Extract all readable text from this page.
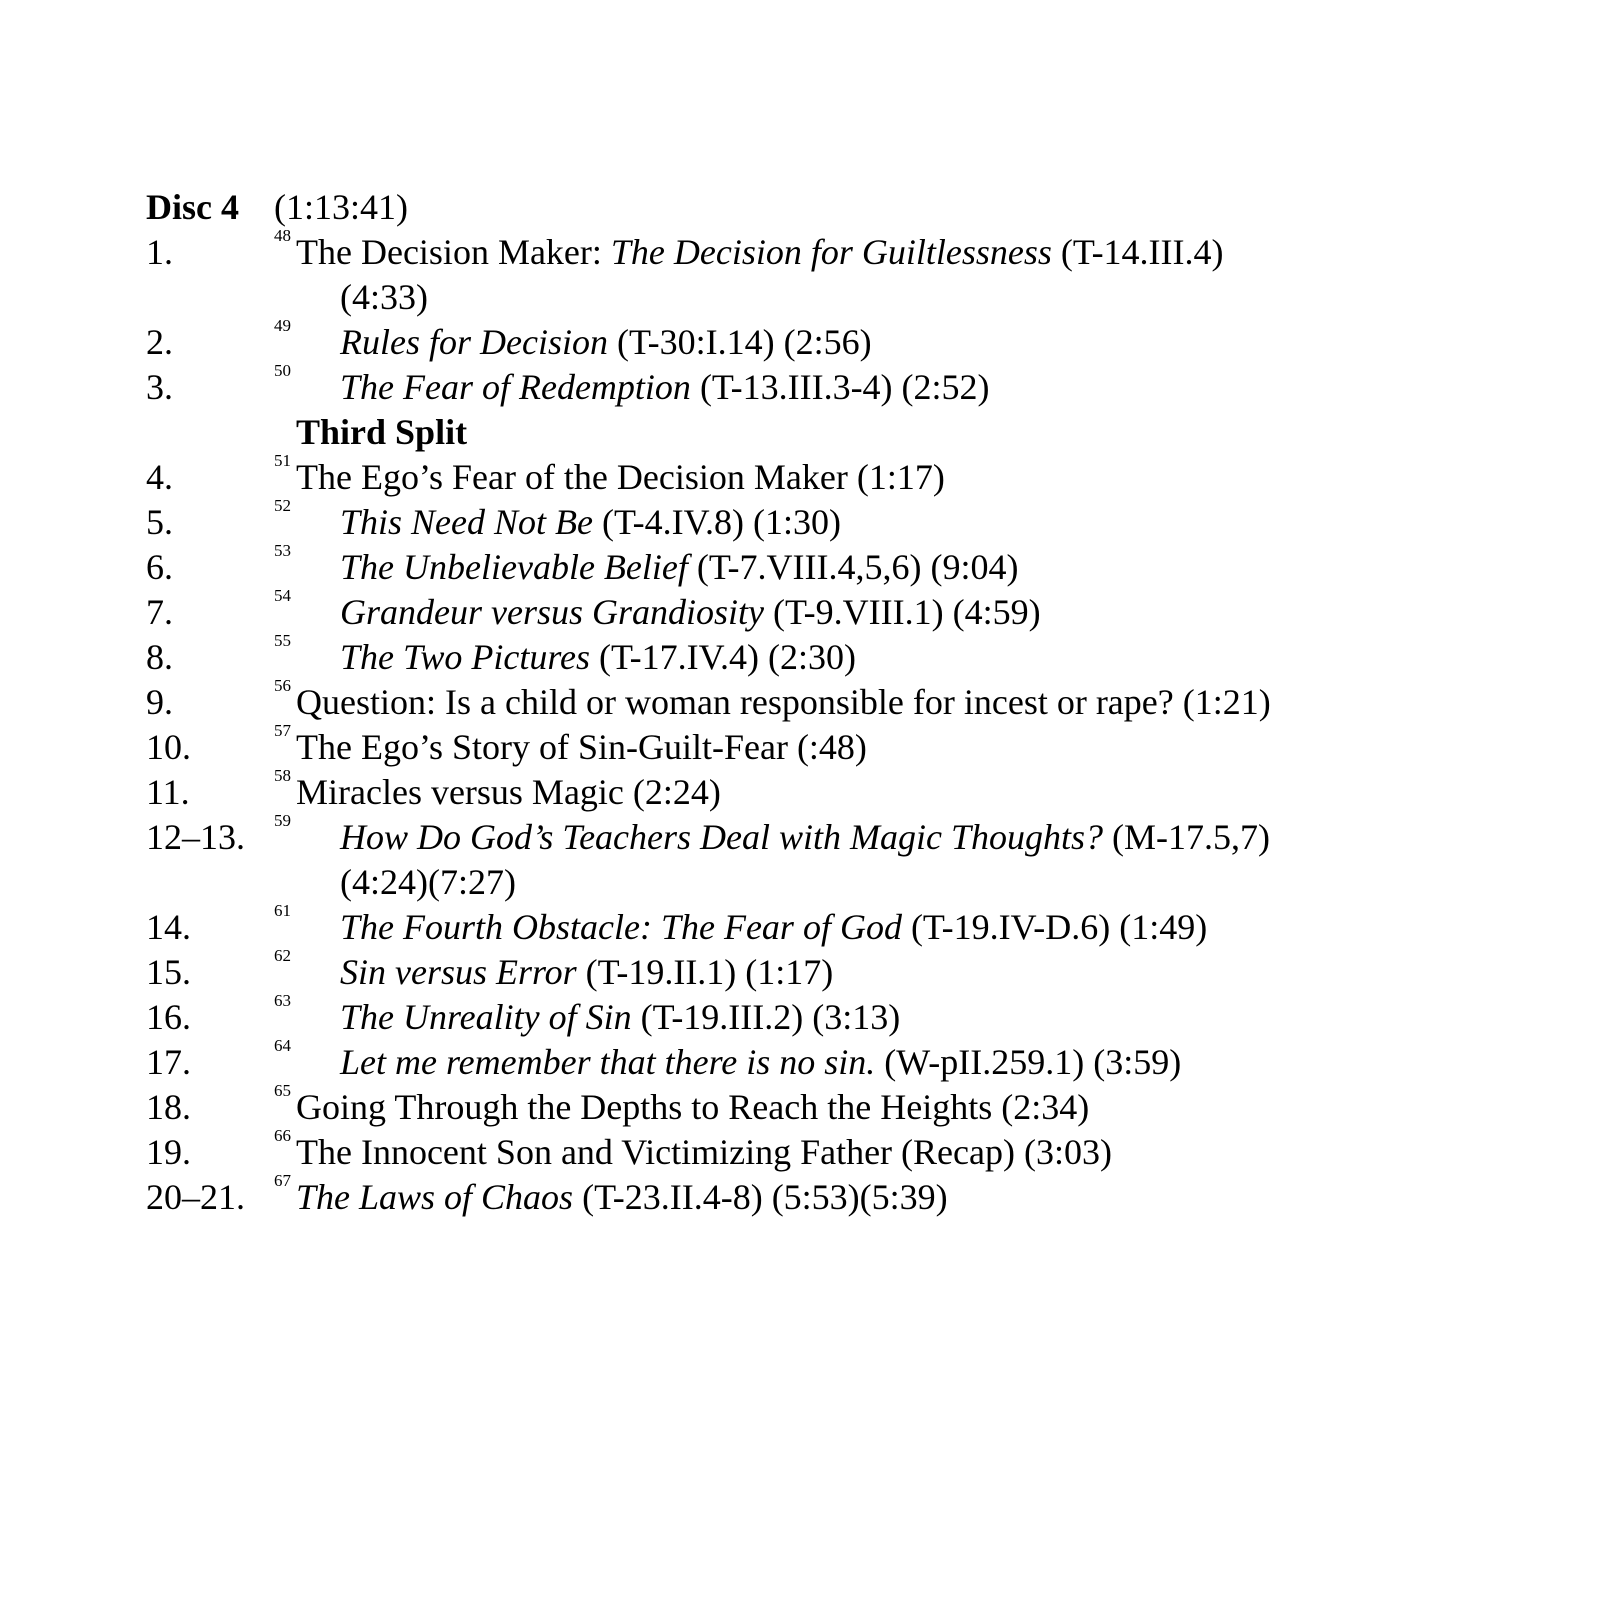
Disc 4 (1:13:41)
1.	48 The Decision Maker: The Decision for Guiltlessness (T-14.III.4)
(4:33)
2.	49 Rules for Decision (T-30:I.14) (2:56)
3.	50 The Fear of Redemption (T-13.III.3-4) (2:52)
Third Split
4.	51 The Ego’s Fear of the Decision Maker (1:17)
5.	52 This Need Not Be (T-4.IV.8) (1:30)
6.	53 The Unbelievable Belief (T-7.VIII.4,5,6) (9:04)
7.	54 Grandeur versus Grandiosity (T-9.VIII.1) (4:59)
8.	55 The Two Pictures (T-17.IV.4) (2:30)
9.	56 Question: Is a child or woman responsible for incest or rape? (1:21)
10.	57 The Ego’s Story of Sin-Guilt-Fear (:48)
11.	58 Miracles versus Magic (2:24)
12–13. 59 How Do God’s Teachers Deal with Magic Thoughts? (M-17.5,7)
(4:24)(7:27)
14.	61 The Fourth Obstacle: The Fear of God (T-19.IV-D.6) (1:49)
15.	62 Sin versus Error (T-19.II.1) (1:17)
16.	63 The Unreality of Sin (T-19.III.2) (3:13)
17.	64 Let me remember that there is no sin. (W-pII.259.1) (3:59)
18.	65 Going Through the Depths to Reach the Heights (2:34)
19.	66 The Innocent Son and Victimizing Father (Recap) (3:03)
20–21. 67 The Laws of Chaos (T-23.II.4-8) (5:53)(5:39)
